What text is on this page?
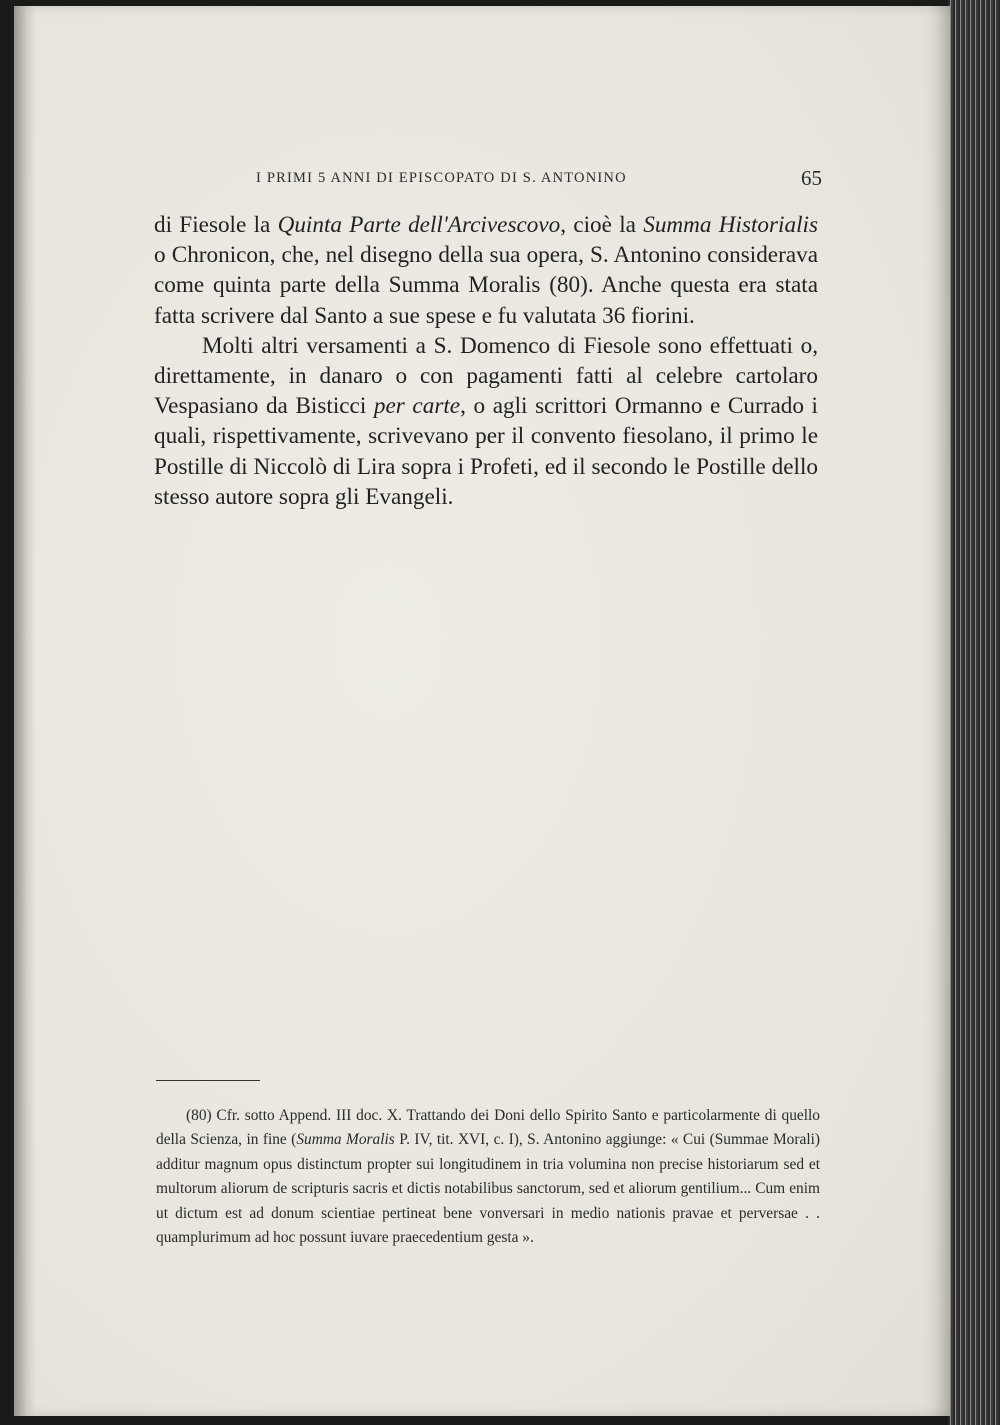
I PRIMI 5 ANNI DI EPISCOPATO DI S. ANTONINO	65

di Fiesole la Quinta Parte dell'Arcivescovo, cioè la Summa Historialis o Chronicon, che, nel disegno della sua opera, S. Antonino considerava come quinta parte della Summa Moralis (80). Anche questa era stata fatta scrivere dal Santo a sue spese e fu valutata 36 fiorini.

Molti altri versamenti a S. Domenco di Fiesole sono effettuati o, direttamente, in danaro o con pagamenti fatti al celebre cartolaro Vespasiano da Bisticci per carte, o agli scrittori Ormanno e Currado i quali, rispettivamente, scrivevano per il convento fiesolano, il primo le Postille di Niccolò di Lira sopra i Profeti, ed il secondo le Postille dello stesso autore sopra gli Evangeli.

(80) Cfr. sotto Append. III doc. X. Trattando dei Doni dello Spirito Santo e particolarmente di quello della Scienza, in fine (Summa Moralis P. IV, tit. XVI, c. I), S. Antonino aggiunge: « Cui (Summae Morali) additur magnum opus distinctum propter sui longitudinem in tria volumina non precise historiarum sed et multorum aliorum de scripturis sacris et dictis notabilibus sanctorum, sed et aliorum gentilium... Cum enim ut dictum est ad donum scientiae pertineat bene vonversari in medio nationis pravae et perversae . . quamplurimum ad hoc possunt iuvare praecedentium gesta ».
